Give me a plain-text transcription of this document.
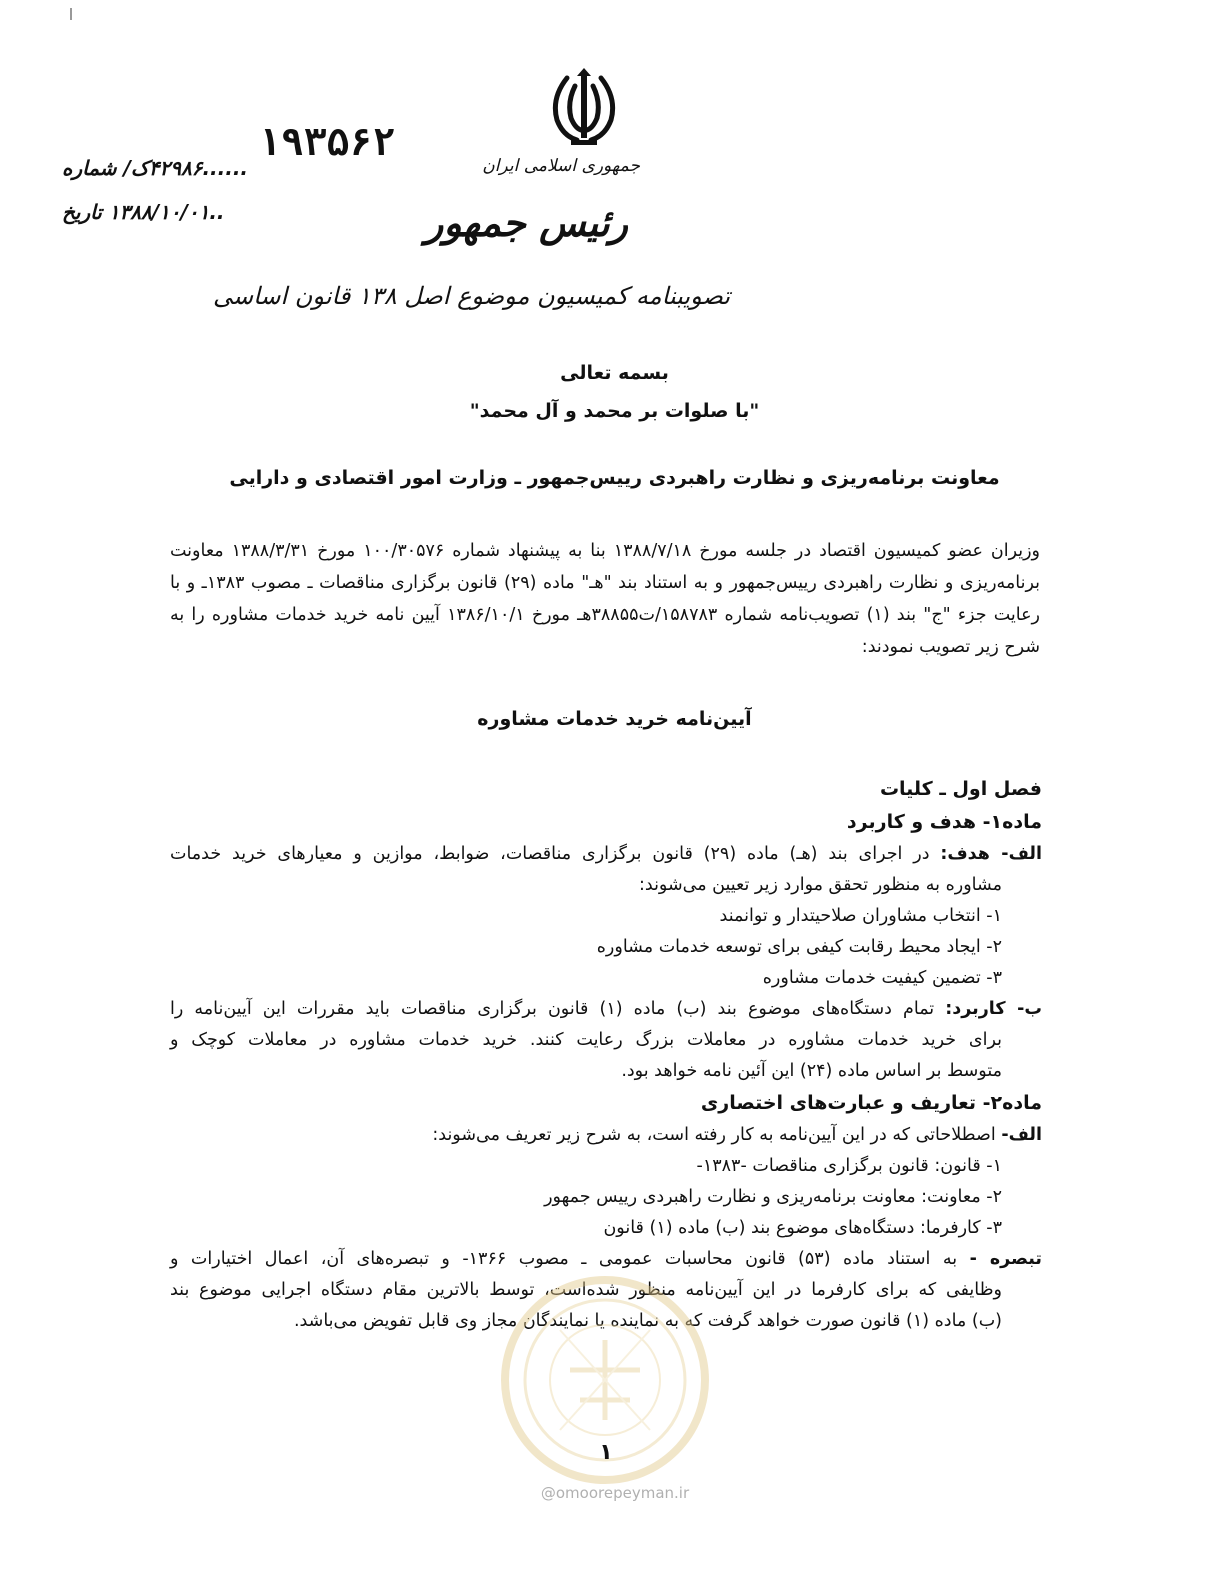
جمهوری اسلامی ایران
رئیس جمهور
تصویبنامه کمیسیون موضوع اصل ۱۳۸ قانون اساسی
۱۹۳۵۶۲
......۴۲۹۸۶ک/ شماره
..۱۳۸۸/۱۰/۰۱ تاریخ
بسمه تعالی
"با صلوات بر محمد و آل محمد"
معاونت برنامه‌ریزی و نظارت راهبردی رییس‌جمهور ـ وزارت امور اقتصادی و دارایی
وزیران عضو کمیسیون اقتصاد در جلسه مورخ ۱۳۸۸/۷/۱۸ بنا به پیشنهاد شماره ۱۰۰/۳۰۵۷۶ مورخ ۱۳۸۸/۳/۳۱ معاونت برنامه‌ریزی و نظارت راهبردی رییس‌جمهور و به استناد بند "هـ" ماده (۲۹) قانون برگزاری مناقصات ـ مصوب ۱۳۸۳ـ و با رعایت جزء "ج" بند (۱) تصویب‌نامه شماره ۱۵۸۷۸۳/ت۳۸۸۵۵هـ مورخ ۱۳۸۶/۱۰/۱ آیین نامه خرید خدمات مشاوره را به شرح زیر تصویب نمودند:
آیین‌نامه خرید خدمات مشاوره
فصل اول ـ کلیات
ماده۱- هدف و کاربرد
الف- هدف: در اجرای بند (هـ) ماده (۲۹) قانون برگزاری مناقصات، ضوابط، موازین و معیارهای خرید خدمات
مشاوره به منظور تحقق موارد زیر تعیین می‌شوند:
۱- انتخاب مشاوران صلاحیتدار و توانمند
۲- ایجاد محیط رقابت کیفی برای توسعه خدمات مشاوره
۳- تضمین کیفیت خدمات مشاوره
ب- کاربرد: تمام دستگاه‌های موضوع بند (ب) ماده (۱) قانون برگزاری مناقصات باید مقررات این آیین‌نامه را
برای خرید خدمات مشاوره در معاملات بزرگ رعایت کنند. خرید خدمات مشاوره در معاملات کوچک و
متوسط بر اساس ماده (۲۴) این آئین نامه خواهد بود.
ماده۲- تعاریف و عبارت‌های اختصاری
الف- اصطلاحاتی که در این آیین‌نامه به کار رفته است، به شرح زیر تعریف می‌شوند:
۱- قانون: قانون برگزاری مناقصات -۱۳۸۳-
۲- معاونت: معاونت برنامه‌ریزی و نظارت راهبردی رییس جمهور
۳- کارفرما: دستگاه‌های موضوع بند (ب) ماده (۱) قانون
تبصره - به استناد ماده (۵۳) قانون محاسبات عمومی ـ مصوب ۱۳۶۶- و تبصره‌های آن، اعمال اختیارات و
وظایفی که برای کارفرما در این آیین‌نامه منظور شده‌است، توسط بالاترین مقام دستگاه اجرایی موضوع بند
(ب) ماده (۱) قانون صورت خواهد گرفت که به نماینده یا نمایندگان مجاز وی قابل تفویض می‌باشد.
۱
@omoorepeyman.ir
